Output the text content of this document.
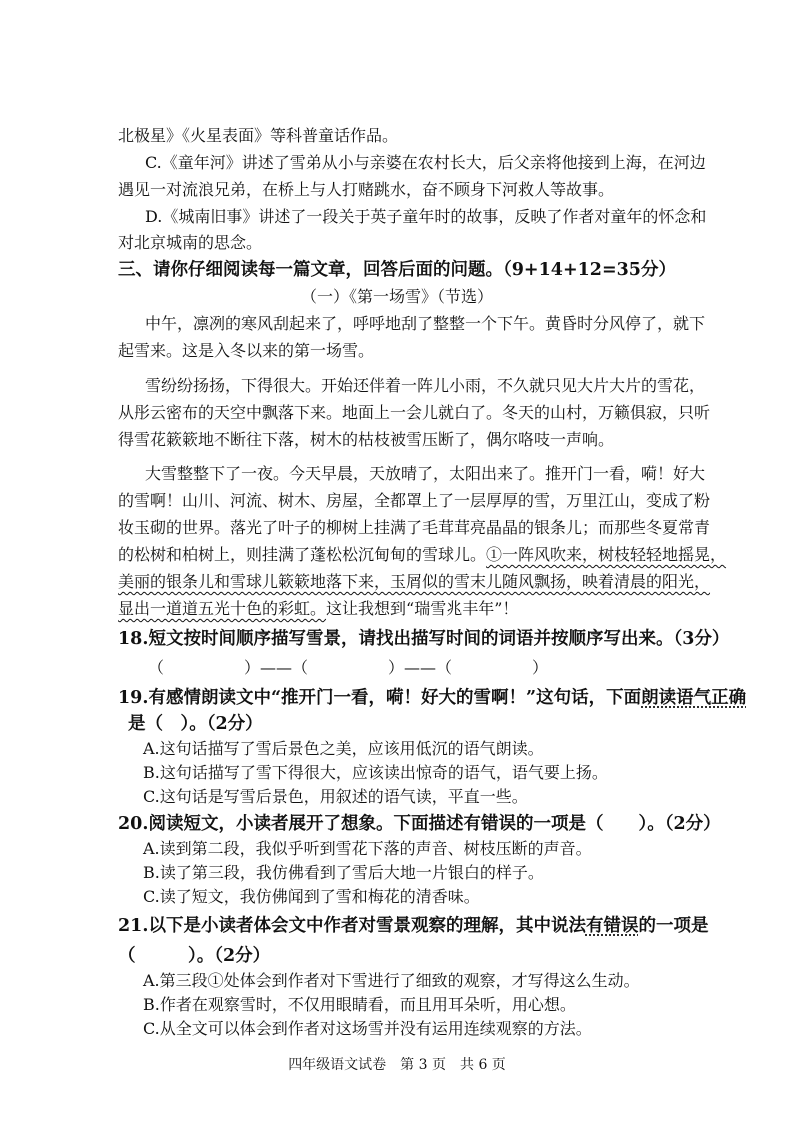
北极星》《火星表面》等科普童话作品。
C.《童年河》讲述了雪弟从小与亲婆在农村长大，后父亲将他接到上海，在河边
遇见一对流浪兄弟，在桥上与人打赌跳水，奋不顾身下河救人等故事。
D.《城南旧事》讲述了一段关于英子童年时的故事，反映了作者对童年的怀念和
对北京城南的思念。
三、请你仔细阅读每一篇文章，回答后面的问题。（9+14+12=35分）
（一）《第一场雪》（节选）
中午，凛冽的寒风刮起来了，呼呼地刮了整整一个下午。黄昏时分风停了，就下
起雪来。这是入冬以来的第一场雪。
雪纷纷扬扬，下得很大。开始还伴着一阵儿小雨，不久就只见大片大片的雪花，
从彤云密布的天空中飘落下来。地面上一会儿就白了。冬天的山村，万籁俱寂，只听
得雪花簌簌地不断往下落，树木的枯枝被雪压断了，偶尔咯吱一声响。
大雪整整下了一夜。今天早晨，天放晴了，太阳出来了。推开门一看，嗬！好大
的雪啊！山川、河流、树木、房屋，全都罩上了一层厚厚的雪，万里江山，变成了粉
妆玉砌的世界。落光了叶子的柳树上挂满了毛茸茸亮晶晶的银条儿；而那些冬夏常青
的松树和柏树上，则挂满了蓬松松沉甸甸的雪球儿。①一阵风吹来，树枝轻轻地摇晃，
美丽的银条儿和雪球儿簌簌地落下来，玉屑似的雪末儿随风飘扬，映着清晨的阳光，
显出一道道五光十色的彩虹。这让我想到“瑞雪兆丰年”！
18.短文按时间顺序描写雪景，请找出描写时间的词语并按顺序写出来。（3分）
（　　　　　）——（　　　　　）——（　　　　　）
19.有感情朗读文中“推开门一看，嗬！好大的雪啊！”这句话，下面朗读语气正确
是（　）。（2分）
A.这句话描写了雪后景色之美，应该用低沉的语气朗读。
B.这句话描写了雪下得很大，应该读出惊奇的语气，语气要上扬。
C.这句话是写雪后景色，用叙述的语气读，平直一些。
20.阅读短文，小读者展开了想象。下面描述有错误的一项是（　　）。（2分）
A.读到第二段，我似乎听到雪花下落的声音、树枝压断的声音。
B.读了第三段，我仿佛看到了雪后大地一片银白的样子。
C.读了短文，我仿佛闻到了雪和梅花的清香味。
21.以下是小读者体会文中作者对雪景观察的理解，其中说法有错误的一项是
（　　　）。（2分）
A.第三段①处体会到作者对下雪进行了细致的观察，才写得这么生动。
B.作者在观察雪时，不仅用眼睛看，而且用耳朵听，用心想。
C.从全文可以体会到作者对这场雪并没有运用连续观察的方法。
四年级语文试卷　第 3 页　共 6 页
